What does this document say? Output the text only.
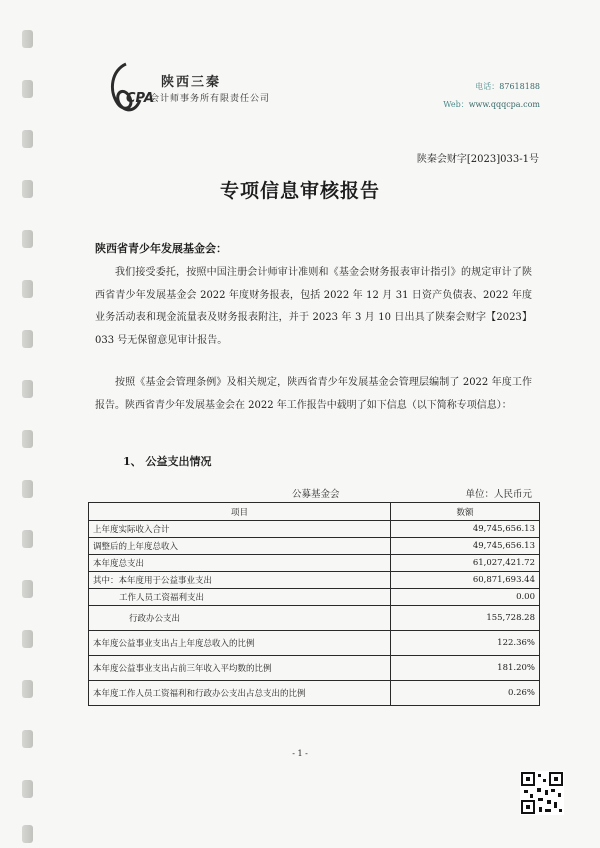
CPA
陕西三秦
会计师事务所有限责任公司
电话：87618188
Web：www.qqqcpa.com
陕秦会财字[2023]033-1号
专项信息审核报告
陕西省青少年发展基金会：
我们接受委托，按照中国注册会计师审计准则和《基金会财务报表审计指引》的规定审计了陕西省青少年发展基金会 2022 年度财务报表，包括 2022 年 12 月 31 日资产负债表、2022 年度业务活动表和现金流量表及财务报表附注，并于 2023 年 3 月 10 日出具了陕秦会财字【2023】033 号无保留意见审计报告。
按照《基金会管理条例》及相关规定，陕西省青少年发展基金会管理层编制了 2022 年度工作报告。陕西省青少年发展基金会在 2022 年工作报告中载明了如下信息（以下简称专项信息）：
1、 公益支出情况
公募基金会	单位：人民币元
项目	数额
上年度实际收入合计	49,745,656.13
调整后的上年度总收入	49,745,656.13
本年度总支出	61,027,421.72
其中：本年度用于公益事业支出	60,871,693.44
工作人员工资福利支出	0.00
行政办公支出	155,728.28
本年度公益事业支出占上年度总收入的比例	122.36%
本年度公益事业支出占前三年收入平均数的比例	181.20%
本年度工作人员工资福利和行政办公支出占总支出的比例	0.26%
- 1 -
